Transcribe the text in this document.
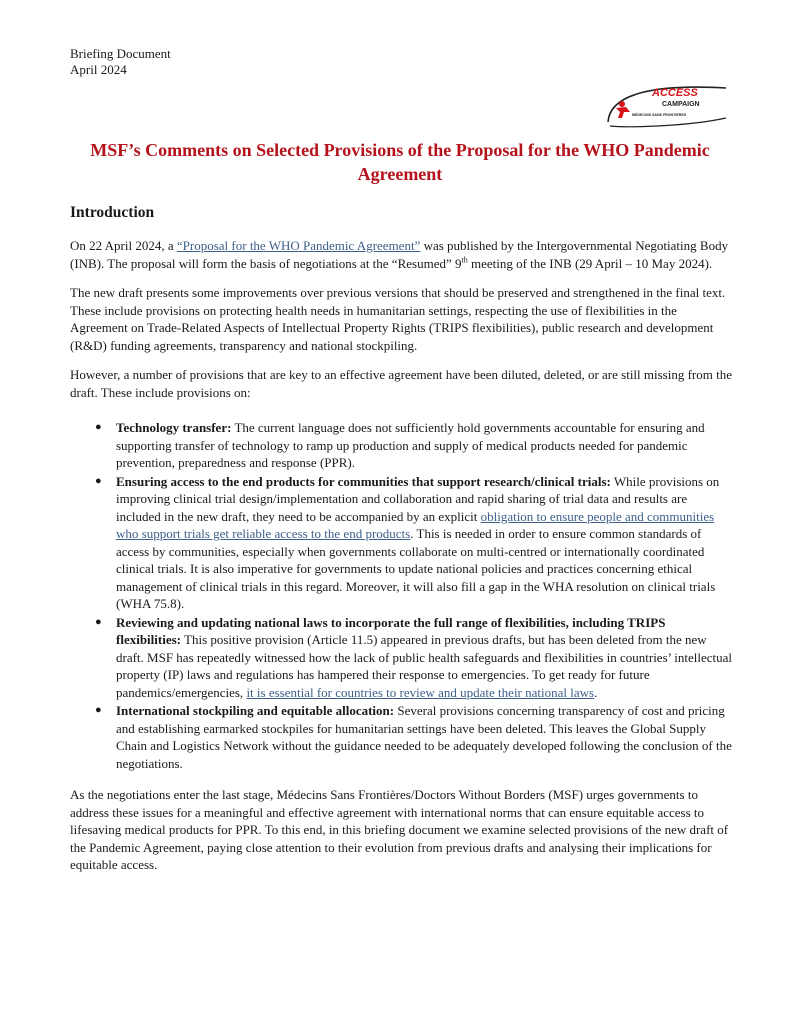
Briefing Document
April 2024
ACCESS
CAMPAIGN
MEDECINS SANS FRONTIERES
MSF’s Comments on Selected Provisions of the Proposal for the WHO Pandemic Agreement
Introduction

On 22 April 2024, a “Proposal for the WHO Pandemic Agreement” was published by the Intergovernmental Negotiating Body (INB). The proposal will form the basis of negotiations at the “Resumed” 9th meeting of the INB (29 April – 10 May 2024).

The new draft presents some improvements over previous versions that should be preserved and strengthened in the final text. These include provisions on protecting health needs in humanitarian settings, respecting the use of flexibilities in the Agreement on Trade-Related Aspects of Intellectual Property Rights (TRIPS flexibilities), public research and development (R&D) funding agreements, transparency and national stockpiling.

However, a number of provisions that are key to an effective agreement have been diluted, deleted, or are still missing from the draft. These include provisions on:

● Technology transfer: The current language does not sufficiently hold governments accountable for ensuring and supporting transfer of technology to ramp up production and supply of medical products needed for pandemic prevention, preparedness and response (PPR).
● Ensuring access to the end products for communities that support research/clinical trials: While provisions on improving clinical trial design/implementation and collaboration and rapid sharing of trial data and results are included in the new draft, they need to be accompanied by an explicit obligation to ensure people and communities who support trials get reliable access to the end products. This is needed in order to ensure common standards of access by communities, especially when governments collaborate on multi-centred or internationally coordinated clinical trials. It is also imperative for governments to update national policies and practices concerning ethical management of clinical trials in this regard. Moreover, it will also fill a gap in the WHA resolution on clinical trials (WHA 75.8).
● Reviewing and updating national laws to incorporate the full range of flexibilities, including TRIPS flexibilities: This positive provision (Article 11.5) appeared in previous drafts, but has been deleted from the new draft. MSF has repeatedly witnessed how the lack of public health safeguards and flexibilities in countries’ intellectual property (IP) laws and regulations has hampered their response to emergencies. To get ready for future pandemics/emergencies, it is essential for countries to review and update their national laws.
● International stockpiling and equitable allocation: Several provisions concerning transparency of cost and pricing and establishing earmarked stockpiles for humanitarian settings have been deleted. This leaves the Global Supply Chain and Logistics Network without the guidance needed to be adequately developed following the conclusion of the negotiations.

As the negotiations enter the last stage, Médecins Sans Frontières/Doctors Without Borders (MSF) urges governments to address these issues for a meaningful and effective agreement with international norms that can ensure equitable access to lifesaving medical products for PPR. To this end, in this briefing document we examine selected provisions of the new draft of the Pandemic Agreement, paying close attention to their evolution from previous drafts and analysing their implications for equitable access.
